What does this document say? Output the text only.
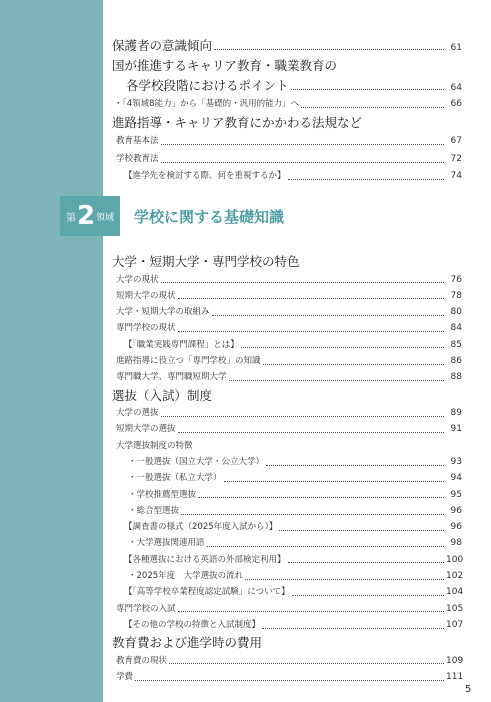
4 保護者の意識傾向	61
5 国が推進するキャリア教育・職業教育の
各学校段階におけるポイント	64
・「4領域8能力」から「基礎的・汎用的能力」へ	66
6 進路指導・キャリア教育にかかわる法規など
教育基本法	67
学校教育法	72
【進学先を検討する際、何を重視するか】	74
第 2 領域 学校に関する基礎知識
1 大学・短期大学・専門学校の特色
大学の現状	76
短期大学の現状	78
大学・短期大学の取組み	80
専門学校の現状	84
【「職業実践専門課程」とは】	85
進路指導に役立つ「専門学校」の知識	86
専門職大学、専門職短期大学	88
2 選抜（入試）制度
大学の選抜	89
短期大学の選抜	91
大学選抜制度の特徴
・一般選抜（国立大学・公立大学）	93
・一般選抜（私立大学）	94
・学校推薦型選抜	95
・総合型選抜	96
【調査書の様式（2025年度入試から）】	96
・大学選抜関連用語	98
【各種選抜における英語の外部検定利用】	100
・2025年度　大学選抜の流れ	102
【「高等学校卒業程度認定試験」について】	104
専門学校の入試	105
【その他の学校の特徴と入試制度】	107
3 教育費および進学時の費用
教育費の現状	109
学費	111
5
